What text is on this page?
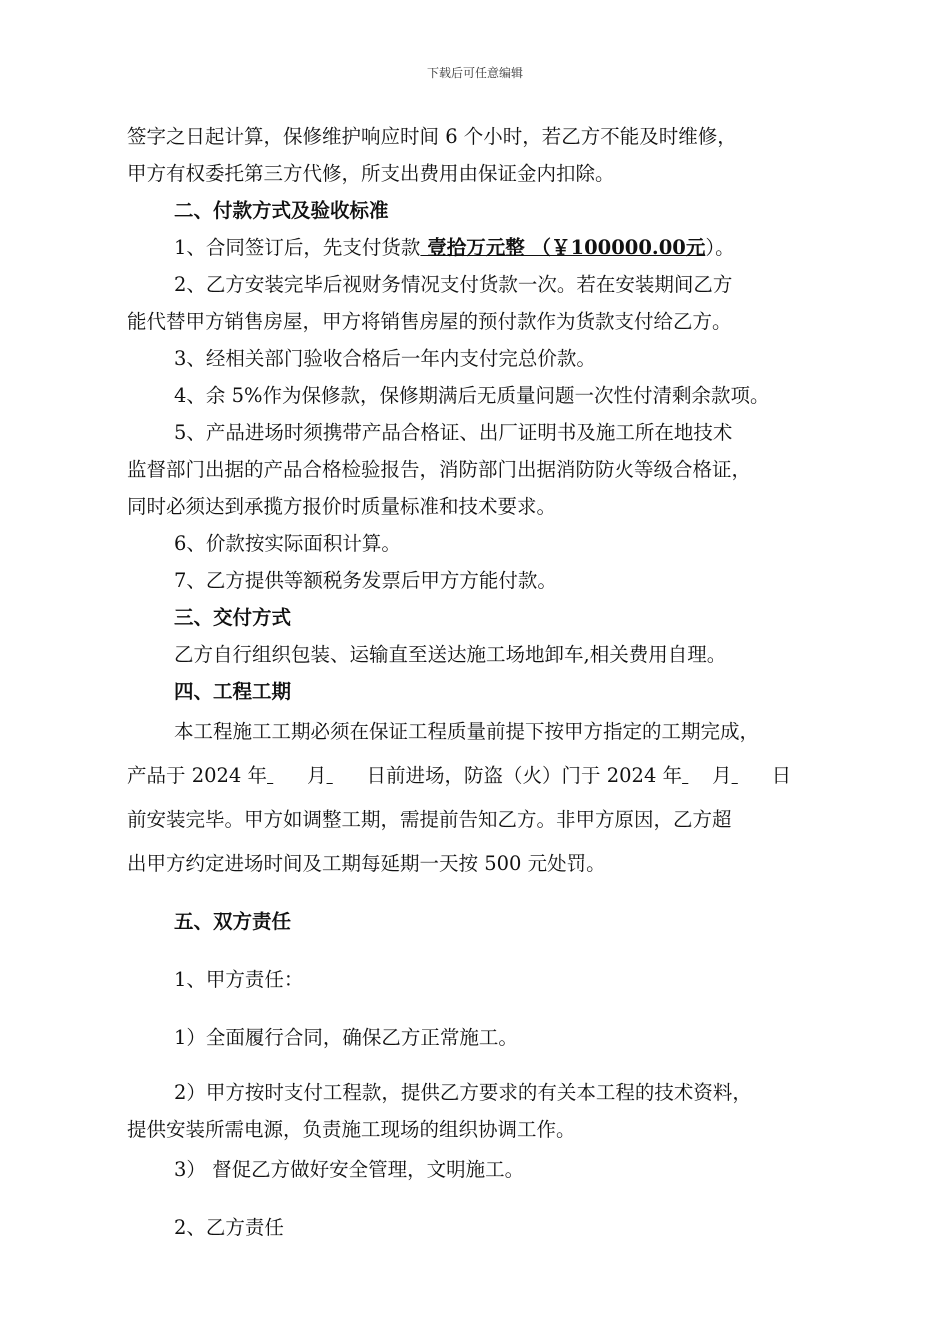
下载后可任意编辑
签字之日起计算，保修维护响应时间 6 个小时，若乙方不能及时维修，
甲方有权委托第三方代修，所支出费用由保证金内扣除。
二、付款方式及验收标准
1、合同签订后，先支付货款 壹拾万元整 （￥100000.00元）。
2、乙方安装完毕后视财务情况支付货款一次。若在安装期间乙方
能代替甲方销售房屋，甲方将销售房屋的预付款作为货款支付给乙方。
3、经相关部门验收合格后一年内支付完总价款。
4、余 5%作为保修款，保修期满后无质量问题一次性付清剩余款项。
5、产品进场时须携带产品合格证、出厂证明书及施工所在地技术
监督部门出据的产品合格检验报告，消防部门出据消防防火等级合格证，
同时必须达到承揽方报价时质量标准和技术要求。
6、价款按实际面积计算。
7、乙方提供等额税务发票后甲方方能付款。
三、交付方式
乙方自行组织包装、运输直至送达施工场地卸车,相关费用自理。
四、工程工期
本工程施工工期必须在保证工程质量前提下按甲方指定的工期完成，
产品于 2024 年 月 日前进场，防盗（火）门于 2024 年 月 日
前安装完毕。甲方如调整工期，需提前告知乙方。非甲方原因，乙方超
出甲方约定进场时间及工期每延期一天按 500 元处罚。
五、双方责任
1、甲方责任：
1）全面履行合同，确保乙方正常施工。
2）甲方按时支付工程款，提供乙方要求的有关本工程的技术资料，
提供安装所需电源，负责施工现场的组织协调工作。
3） 督促乙方做好安全管理，文明施工。
2、乙方责任
